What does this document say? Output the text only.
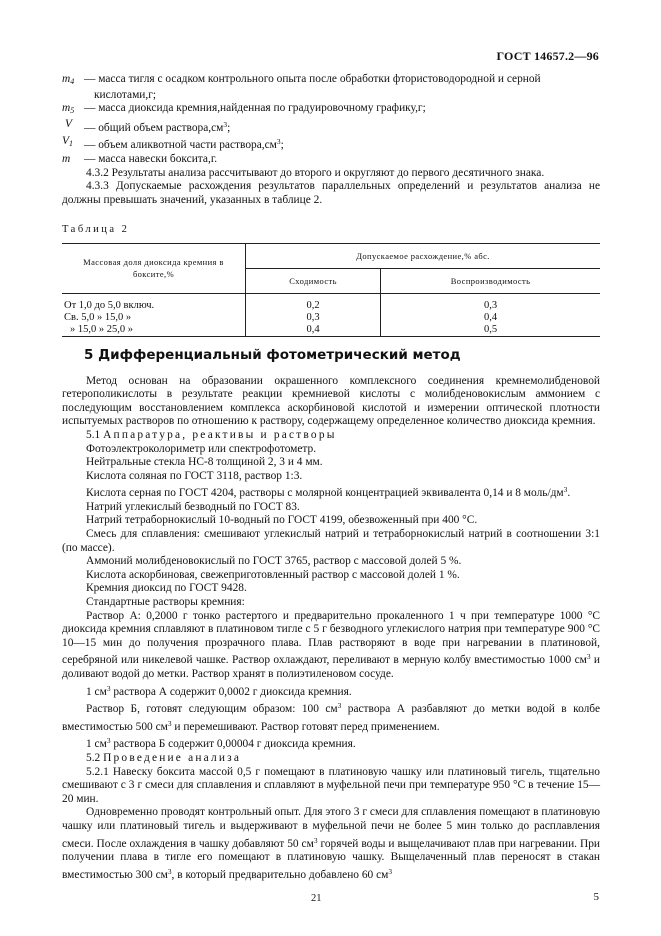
ГОСТ 14657.2—96
m4 — масса тигля с осадком контрольного опыта после обработки фтористоводородной и серной
кислотами,г;
m5 — масса диоксида кремния,найденная по градуировочному графику,г;
V	— общий объем $раствора,см^3$;
V1 — объем аликвотной части $раствора,см^3$;
m	— масса навески боксита,г.

4.3.2 Результаты анализа рассчитывают до второго и округляют до первого десятичного знака.

4.3.3 Допускаемые расхождения результатов параллельных определений и результатов анализа не должны превышать значений, указанных в таблице 2.

Таблица 2
Массовая доля диоксида кремния в боксите,%	Допускаемое расхождение,% абс.	
	Сходимость	Воспроизводимость
От 1,0 до 5,0 включ.	0,2	0,3
Св. 5,0 » 15,0 »	0,3	0,4
» 15,0 » 25,0 »	0,4	0,5
5 Дифференциальный фотометрический метод

Метод основан на образовании окрашенного комплексного соединения кремнемолибденовой гетерополикислоты в результате реакции кремниевой кислоты с молибденовокислым аммонием с последующим восстановлением комплекса аскорбиновой кислотой и измерении оптической плотности испытуемых растворов по отношению к раствору, содержащему определенное количество диоксида кремния.

5.1 Аппаратура, реактивы и растворы

Фотоэлектроколориметр или спектрофотометр.

Нейтральные стекла НС-8 толщиной 2, 3 и 4 мм.

Кислота соляная по ГОСТ 3118, раствор 1:3.

Кислота серная по ГОСТ 4204, растворы с молярной концентрацией эквивалента 0,14 и 8 моль/$дм^3$.

Натрий углекислый безводный по ГОСТ 83.

Натрий тетраборнокислый 10-водный по ГОСТ 4199, обезвоженный при 400 °С.

Смесь для сплавления: смешивают углекислый натрий и тетраборнокислый натрий в соотношении 3:1 (по массе).

Аммоний молибденовокислый по ГОСТ 3765, раствор с массовой долей 5 %.

Кислота аскорбиновая, свежеприготовленный раствор с массовой долей 1 %.

Кремния диоксид по ГОСТ 9428.

Стандартные растворы кремния:

Раствор А: 0,2000 г тонко растертого и предварительно прокаленного 1 ч при температуре 1000 °С диоксида кремния сплавляют в платиновом тигле с 5 г безводного углекислого натрия при температуре 900 °С 10—15 мин до получения прозрачного плава. Плав растворяют в воде при нагревании в платиновой, серебряной или никелевой чашке. Раствор охлаждают, переливают в мерную колбу вместимостью 1000 $см^3$ и доливают водой до метки. Раствор хранят в полиэтиленовом сосуде.

1 $см^3$ раствора А содержит 0,0002 г диоксида кремния.

Раствор Б, готовят следующим образом: 100 $см^3$ раствора А разбавляют до метки водой в колбе вместимостью 500 $см^3$ и перемешивают. Раствор готовят перед применением.

1 $см^3$ раствора Б содержит 0,00004 г диоксида кремния.

5.2 Проведение анализа

5.2.1 Навеску боксита массой 0,5 г помещают в платиновую чашку или платиновый тигель, тщательно смешивают с 3 г смеси для сплавления и сплавляют в муфельной печи при температуре 950 °С в течение 15—20 мин.

Одновременно проводят контрольный опыт. Для этого 3 г смеси для сплавления помещают в платиновую чашку или платиновый тигель и выдерживают в муфельной печи не более 5 мин только до расплавления смеси. После охлаждения в чашку добавляют 50 $см^3$ горячей воды и выщелачивают плав при нагревании. При получении плава в тигле его помещают в платиновую чашку. Выщелаченный плав переносят в стакан вместимостью 300 $см^3$, в который предварительно добавлено 60 $см^3$

21	5
